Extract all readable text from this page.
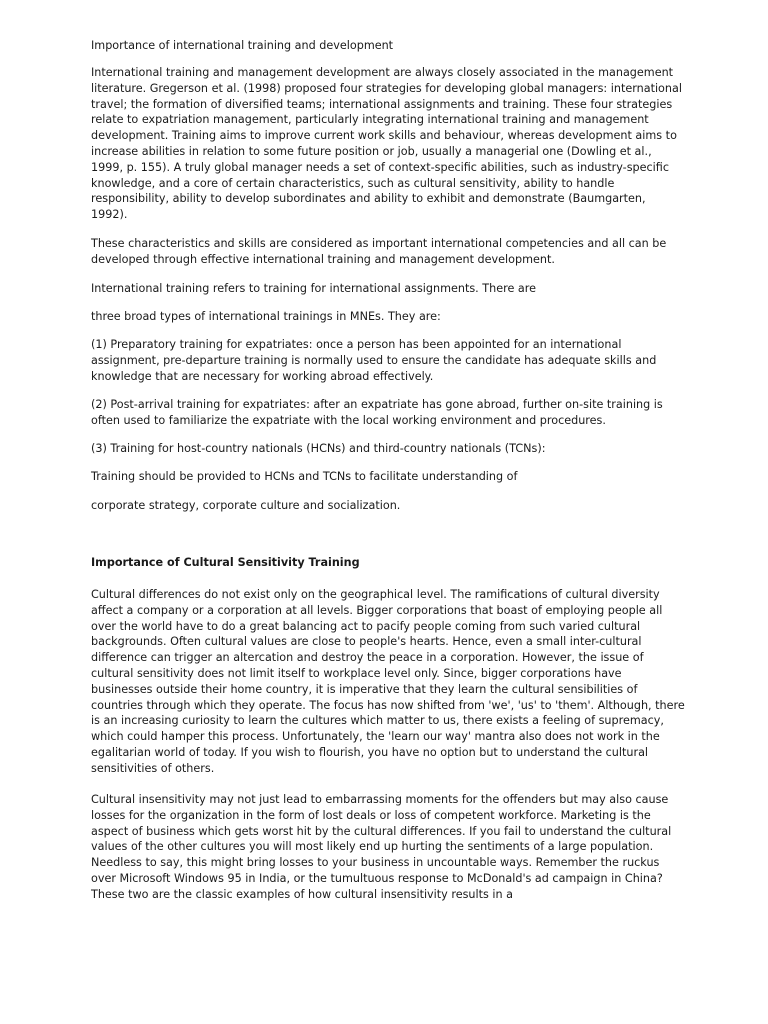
Importance of international training and development

International training and management development are always closely associated in the management literature. Gregerson et al. (1998) proposed four strategies for developing global managers: international travel; the formation of diversified teams; international assignments and training. These four strategies relate to expatriation management, particularly integrating international training and management development. Training aims to improve current work skills and behaviour, whereas development aims to increase abilities in relation to some future position or job, usually a managerial one (Dowling et al., 1999, p. 155). A truly global manager needs a set of context-specific abilities, such as industry-specific knowledge, and a core of certain characteristics, such as cultural sensitivity, ability to handle responsibility, ability to develop subordinates and ability to exhibit and demonstrate (Baumgarten, 1992).

These characteristics and skills are considered as important international competencies and all can be developed through effective international training and management development.

International training refers to training for international assignments. There are

three broad types of international trainings in MNEs. They are:

(1) Preparatory training for expatriates: once a person has been appointed for an international assignment, pre-departure training is normally used to ensure the candidate has adequate skills and knowledge that are necessary for working abroad effectively.

(2) Post-arrival training for expatriates: after an expatriate has gone abroad, further on-site training is often used to familiarize the expatriate with the local working environment and procedures.

(3) Training for host-country nationals (HCNs) and third-country nationals (TCNs):

Training should be provided to HCNs and TCNs to facilitate understanding of

corporate strategy, corporate culture and socialization.

Importance of Cultural Sensitivity Training

Cultural differences do not exist only on the geographical level. The ramifications of cultural diversity affect a company or a corporation at all levels. Bigger corporations that boast of employing people all over the world have to do a great balancing act to pacify people coming from such varied cultural backgrounds. Often cultural values are close to people's hearts. Hence, even a small inter-cultural difference can trigger an altercation and destroy the peace in a corporation. However, the issue of cultural sensitivity does not limit itself to workplace level only. Since, bigger corporations have businesses outside their home country, it is imperative that they learn the cultural sensibilities of countries through which they operate. The focus has now shifted from 'we', 'us' to 'them'. Although, there is an increasing curiosity to learn the cultures which matter to us, there exists a feeling of supremacy, which could hamper this process. Unfortunately, the 'learn our way' mantra also does not work in the egalitarian world of today. If you wish to flourish, you have no option but to understand the cultural sensitivities of others.

Cultural insensitivity may not just lead to embarrassing moments for the offenders but may also cause losses for the organization in the form of lost deals or loss of competent workforce. Marketing is the aspect of business which gets worst hit by the cultural differences. If you fail to understand the cultural values of the other cultures you will most likely end up hurting the sentiments of a large population. Needless to say, this might bring losses to your business in uncountable ways. Remember the ruckus over Microsoft Windows 95 in India, or the tumultuous response to McDonald's ad campaign in China? These two are the classic examples of how cultural insensitivity results in a
